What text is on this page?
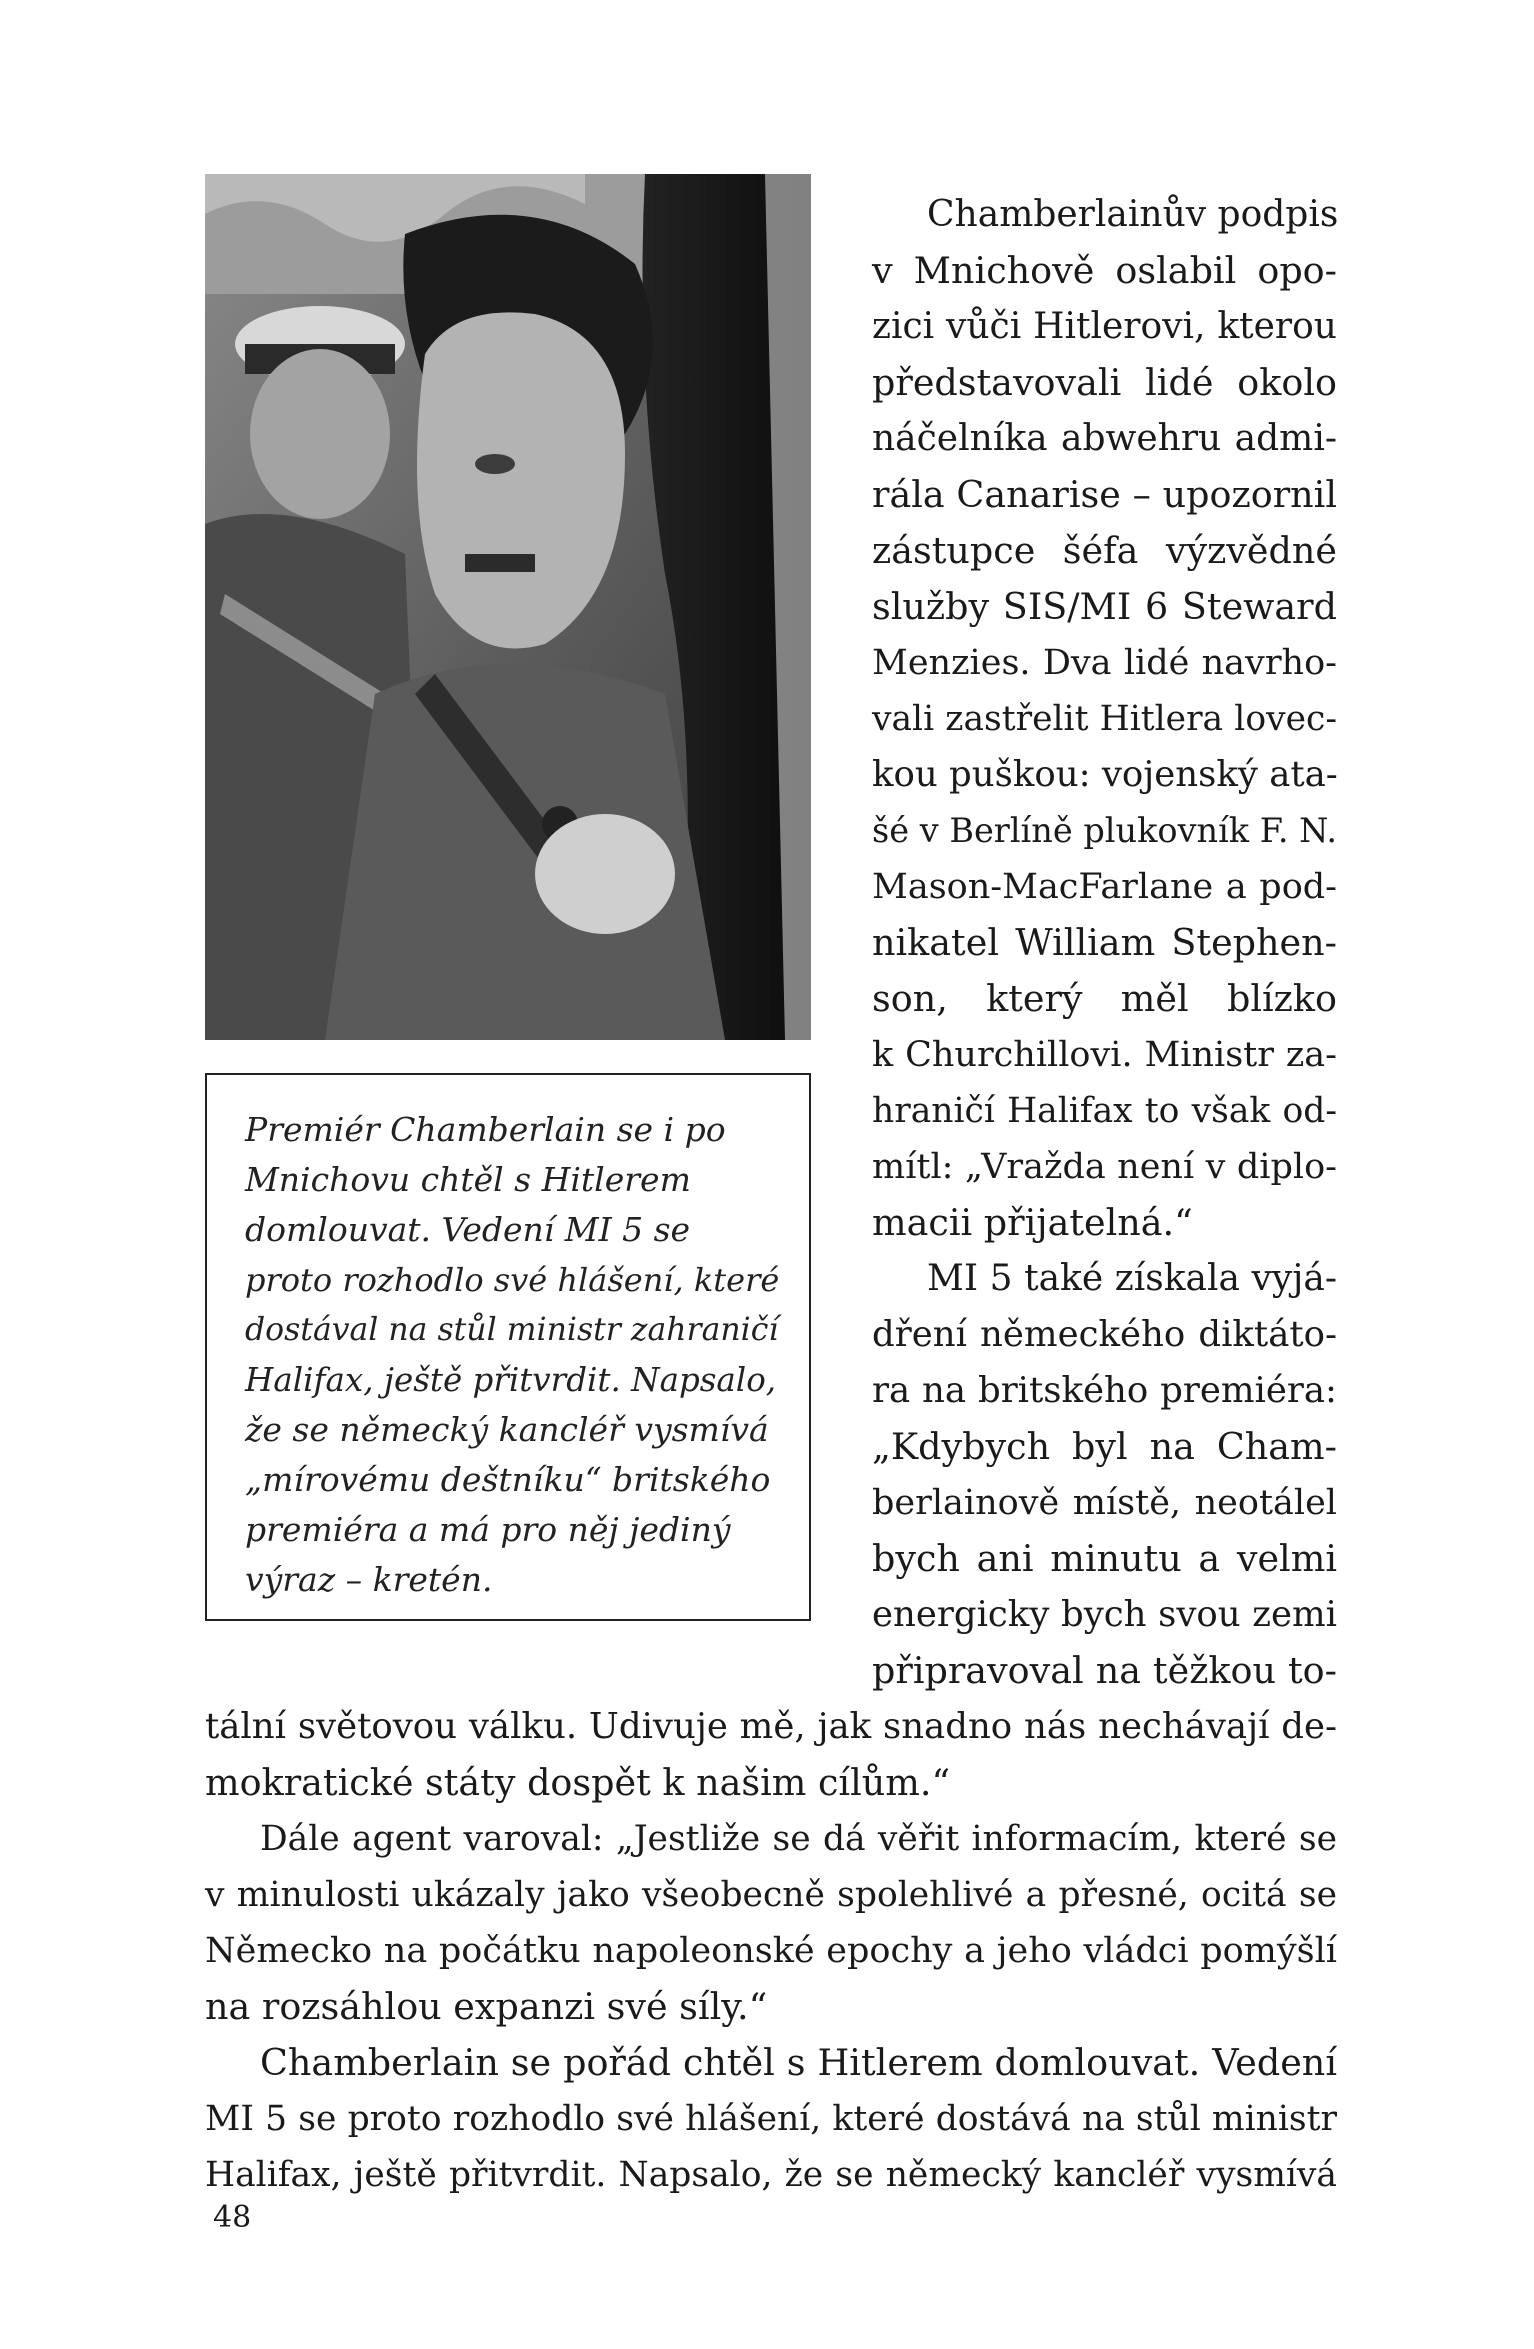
Premiér Chamberlain se i po
Mnichovu chtěl s Hitlerem
domlouvat. Vedení MI 5 se
proto rozhodlo své hlášení, které
dostával na stůl ministr zahraničí
Halifax, ještě přitvrdit. Napsalo,
že se německý kancléř vysmívá
„mírovému deštníku“ britského
premiéra a má pro něj jediný
výraz – kretén.
Chamberlainův podpis
v Mnichově oslabil opo-
zici vůči Hitlerovi, kterou
představovali lidé okolo
náčelníka abwehru admi-
rála Canarise – upozornil
zástupce šéfa výzvědné
služby SIS/MI 6 Steward
Menzies. Dva lidé navrho-
vali zastřelit Hitlera lovec-
kou puškou: vojenský ata-
šé v Berlíně plukovník F. N.
Mason-MacFarlane a pod-
nikatel William Stephen-
son, který měl blízko
k Churchillovi. Ministr za-
hraničí Halifax to však od-
mítl: „Vražda není v diplo-
macii přijatelná.“
MI 5 také získala vyjá-
dření německého diktáto-
ra na britského premiéra:
„Kdybych byl na Cham-
berlainově místě, neotálel
bych ani minutu a velmi
energicky bych svou zemi
připravoval na těžkou to-
tální světovou válku. Udivuje mě, jak snadno nás nechávají de-
mokratické státy dospět k našim cílům.“
Dále agent varoval: „Jestliže se dá věřit informacím, které se
v minulosti ukázaly jako všeobecně spolehlivé a přesné, ocitá se
Německo na počátku napoleonské epochy a jeho vládci pomýšlí
na rozsáhlou expanzi své síly.“
Chamberlain se pořád chtěl s Hitlerem domlouvat. Vedení
MI 5 se proto rozhodlo své hlášení, které dostává na stůl ministr
Halifax, ještě přitvrdit. Napsalo, že se německý kancléř vysmívá
48
